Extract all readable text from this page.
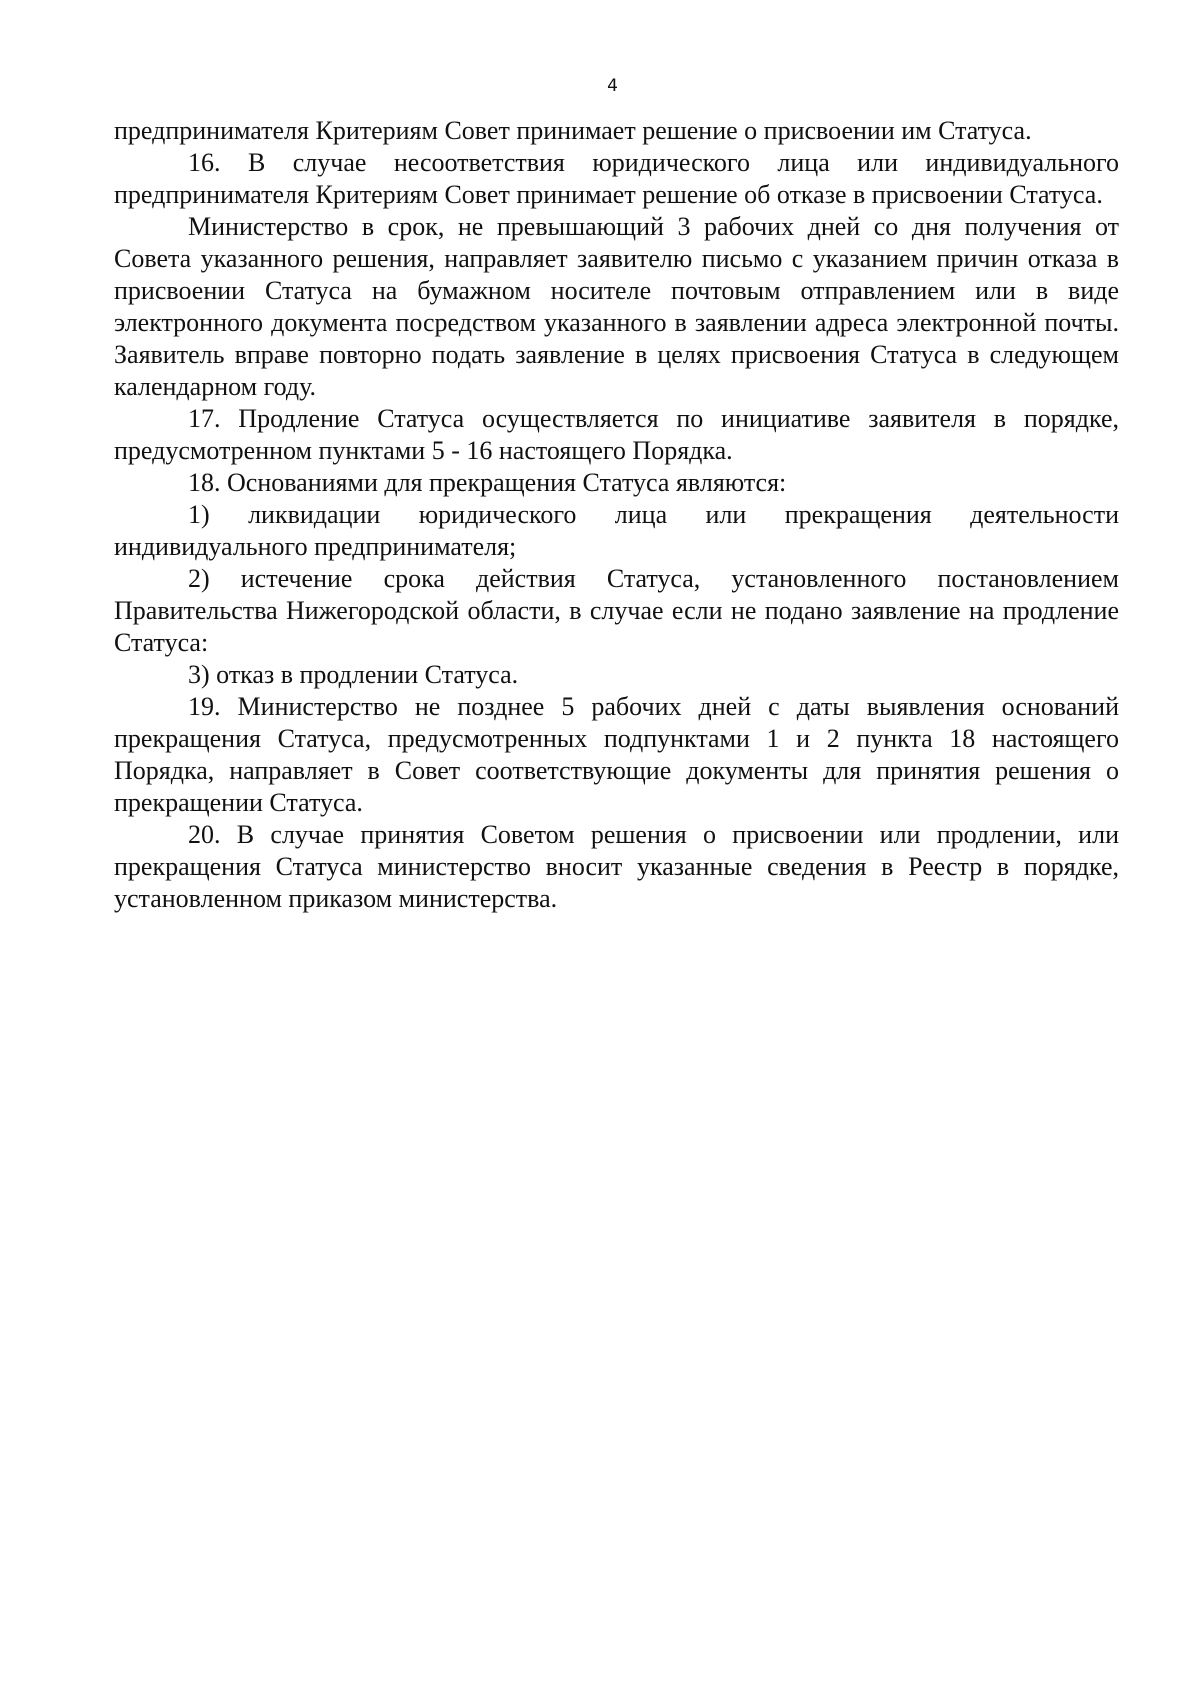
4

предпринимателя Критериям Совет принимает решение о присвоении им Статуса.

16. В случае несоответствия юридического лица или индивидуального предпринимателя Критериям Совет принимает решение об отказе в присвоении Статуса.

Министерство в срок, не превышающий 3 рабочих дней со дня получения от Совета указанного решения, направляет заявителю письмо с указанием причин отказа в присвоении Статуса на бумажном носителе почтовым отправлением или в виде электронного документа посредством указанного в заявлении адреса электронной почты. Заявитель вправе повторно подать заявление в целях присвоения Статуса в следующем календарном году.

17. Продление Статуса осуществляется по инициативе заявителя в порядке, предусмотренном пунктами 5 - 16 настоящего Порядка.

18. Основаниями для прекращения Статуса являются:

1) ликвидации юридического лица или прекращения деятельности индивидуального предпринимателя;

2) истечение срока действия Статуса, установленного постановлением Правительства Нижегородской области, в случае если не подано заявление на продление Статуса:

3) отказ в продлении Статуса.

19. Министерство не позднее 5 рабочих дней с даты выявления оснований прекращения Статуса, предусмотренных подпунктами 1 и 2 пункта 18 настоящего Порядка, направляет в Совет соответствующие документы для принятия решения о прекращении Статуса.

20. В случае принятия Советом решения о присвоении или продлении, или прекращения Статуса министерство вносит указанные сведения в Реестр в порядке, установленном приказом министерства.
